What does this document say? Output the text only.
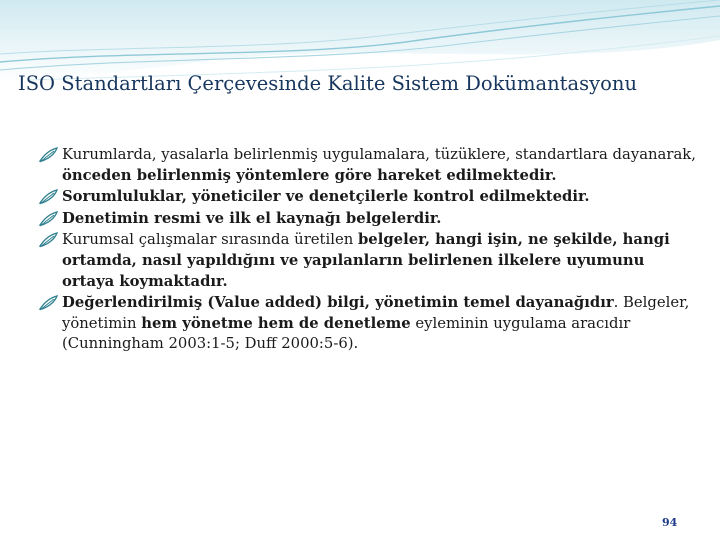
ISO Standartları Çerçevesinde Kalite Sistem Dokümantasyonu

Kurumlarda, yasalarla belirlenmiş uygulamalara, tüzüklere, standartlara dayanarak, önceden belirlenmiş yöntemlere göre hareket edilmektedir.

Sorumluluklar, yöneticiler ve denetçilerle kontrol edilmektedir.

Denetimin resmi ve ilk el kaynağı belgelerdir.

Kurumsal çalışmalar sırasında üretilen belgeler, hangi işin, ne şekilde, hangi ortamda, nasıl yapıldığını ve yapılanların belirlenen ilkelere uyumunu ortaya koymaktadır.

Değerlendirilmiş (Value added) bilgi, yönetimin temel dayanağıdır. Belgeler, yönetimin hem yönetme hem de denetleme eyleminin uygulama aracıdır (Cunningham 2003:1-5; Duff 2000:5-6).

94
